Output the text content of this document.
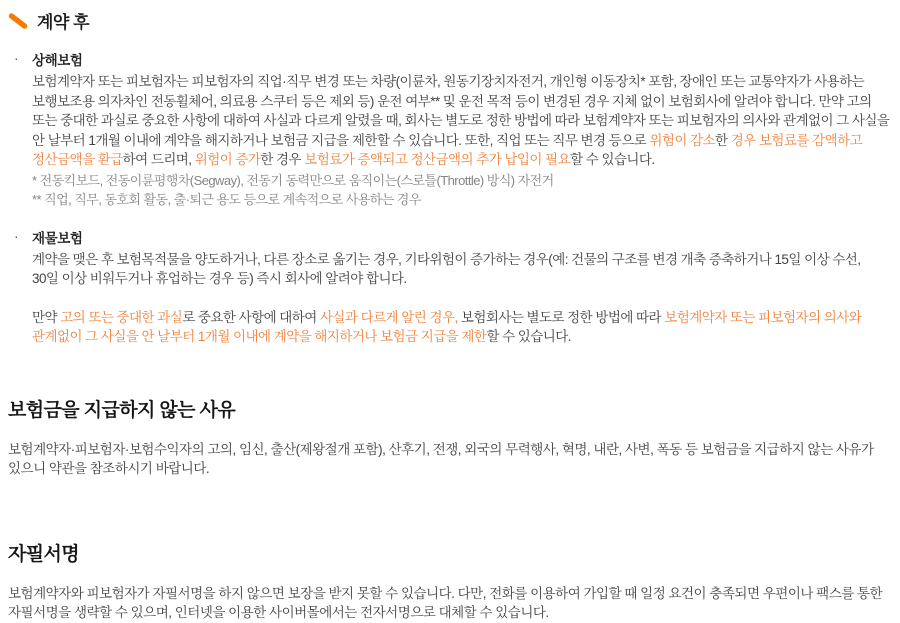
계약 후
· 상해보험
보험계약자 또는 피보험자는 피보험자의 직업·직무 변경 또는 차량(이륜차, 원동기장치자전거, 개인형 이동장치* 포함, 장애인 또는 교통약자가 사용하는 보행보조용 의자차인 전동휠체어, 의료용 스쿠터 등은 제외 등) 운전 여부** 및 운전 목적 등이 변경된 경우 지체 없이 보험회사에 알려야 합니다. 만약 고의 또는 중대한 과실로 중요한 사항에 대하여 사실과 다르게 알렸을 때, 회사는 별도로 정한 방법에 따라 보험계약자 또는 피보험자의 의사와 관계없이 그 사실을 안 날부터 1개월 이내에 계약을 해지하거나 보험금 지급을 제한할 수 있습니다. 또한, 직업 또는 직무 변경 등으로 위험이 감소한 경우 보험료를 감액하고 정산금액을 환급하여 드리며, 위험이 증가한 경우 보험료가 증액되고 정산금액의 추가 납입이 필요할 수 있습니다.
* 전동킥보드, 전동이륜평행차(Segway), 전동기 동력만으로 움직이는(스로틀(Throttle) 방식) 자전거
** 직업, 직무, 동호회 활동, 출·퇴근 용도 등으로 계속적으로 사용하는 경우
· 재물보험
계약을 맺은 후 보험목적물을 양도하거나, 다른 장소로 옮기는 경우, 기타위험이 증가하는 경우(예: 건물의 구조를 변경 개축 증축하거나 15일 이상 수선, 30일 이상 비워두거나 휴업하는 경우 등) 즉시 회사에 알려야 합니다.
만약 고의 또는 중대한 과실로 중요한 사항에 대하여 사실과 다르게 알린 경우, 보험회사는 별도로 정한 방법에 따라 보험계약자 또는 피보험자의 의사와 관계없이 그 사실을 안 날부터 1개월 이내에 계약을 해지하거나 보험금 지급을 제한할 수 있습니다.
보험금을 지급하지 않는 사유
보험계약자·피보험자·보험수익자의 고의, 임신, 출산(제왕절개 포함), 산후기, 전쟁, 외국의 무력행사, 혁명, 내란, 사변, 폭동 등 보험금을 지급하지 않는 사유가 있으니 약관을 참조하시기 바랍니다.
자필서명
보험계약자와 피보험자가 자필서명을 하지 않으면 보장을 받지 못할 수 있습니다. 다만, 전화를 이용하여 가입할 때 일정 요건이 충족되면 우편이나 팩스를 통한 자필서명을 생략할 수 있으며, 인터넷을 이용한 사이버몰에서는 전자서명으로 대체할 수 있습니다.
